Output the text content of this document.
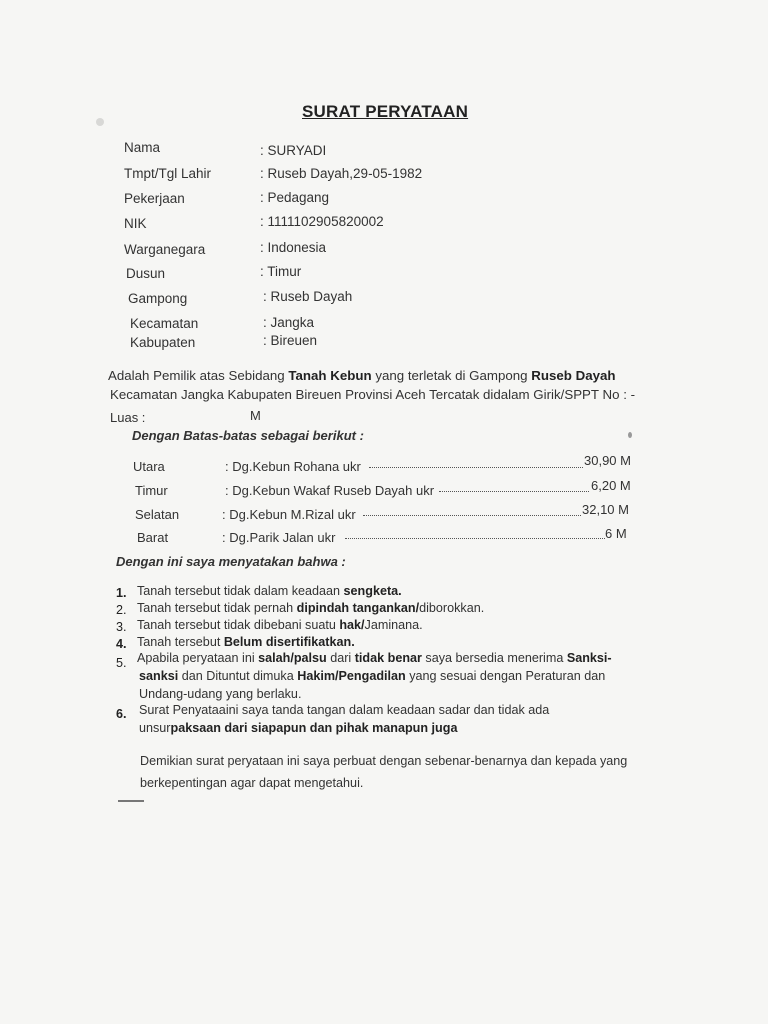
SURAT PERYATAAN
Nama	: SURYADI
Tmpt/Tgl Lahir	: Ruseb Dayah,29-05-1982
Pekerjaan	: Pedagang
NIK	: 1111102905820002
Warganegara	: Indonesia
Dusun	: Timur
Gampong	: Ruseb Dayah
Kecamatan	: Jangka
Kabupaten	: Bireuen
Adalah Pemilik atas Sebidang Tanah Kebun yang terletak di Gampong Ruseb Dayah
Kecamatan Jangka Kabupaten Bireuen Provinsi Aceh Tercatak didalam Girik/SPPT No : -
Luas :	M
Dengan Batas-batas sebagai berikut :
Utara	: Dg.Kebun Rohana ukr	30,90 M
Timur	: Dg.Kebun Wakaf Ruseb Dayah ukr	6,20 M
Selatan	: Dg.Kebun M.Rizal ukr	32,10 M
Barat	: Dg.Parik Jalan ukr	6 M
Dengan ini saya menyatakan bahwa :
1. Tanah tersebut tidak dalam keadaan sengketa.
2. Tanah tersebut tidak pernah dipindah tangankan/diborokkan.
3. Tanah tersebut tidak dibebani suatu hak/Jaminana.
4. Tanah tersebut Belum disertifikatkan.
5. Apabila peryataan ini salah/palsu dari tidak benar saya bersedia menerima Sanksi-
sanksi dan Dituntut dimuka Hakim/Pengadilan yang sesuai dengan Peraturan dan
Undang-udang yang berlaku.
6. Surat Penyataaini saya tanda tangan dalam keadaan sadar dan tidak ada
unsurpaksaan dari siapapun dan pihak manapun juga
Demikian surat peryataan ini saya perbuat dengan sebenar-benarnya dan kepada yang
berkepentingan agar dapat mengetahui.
